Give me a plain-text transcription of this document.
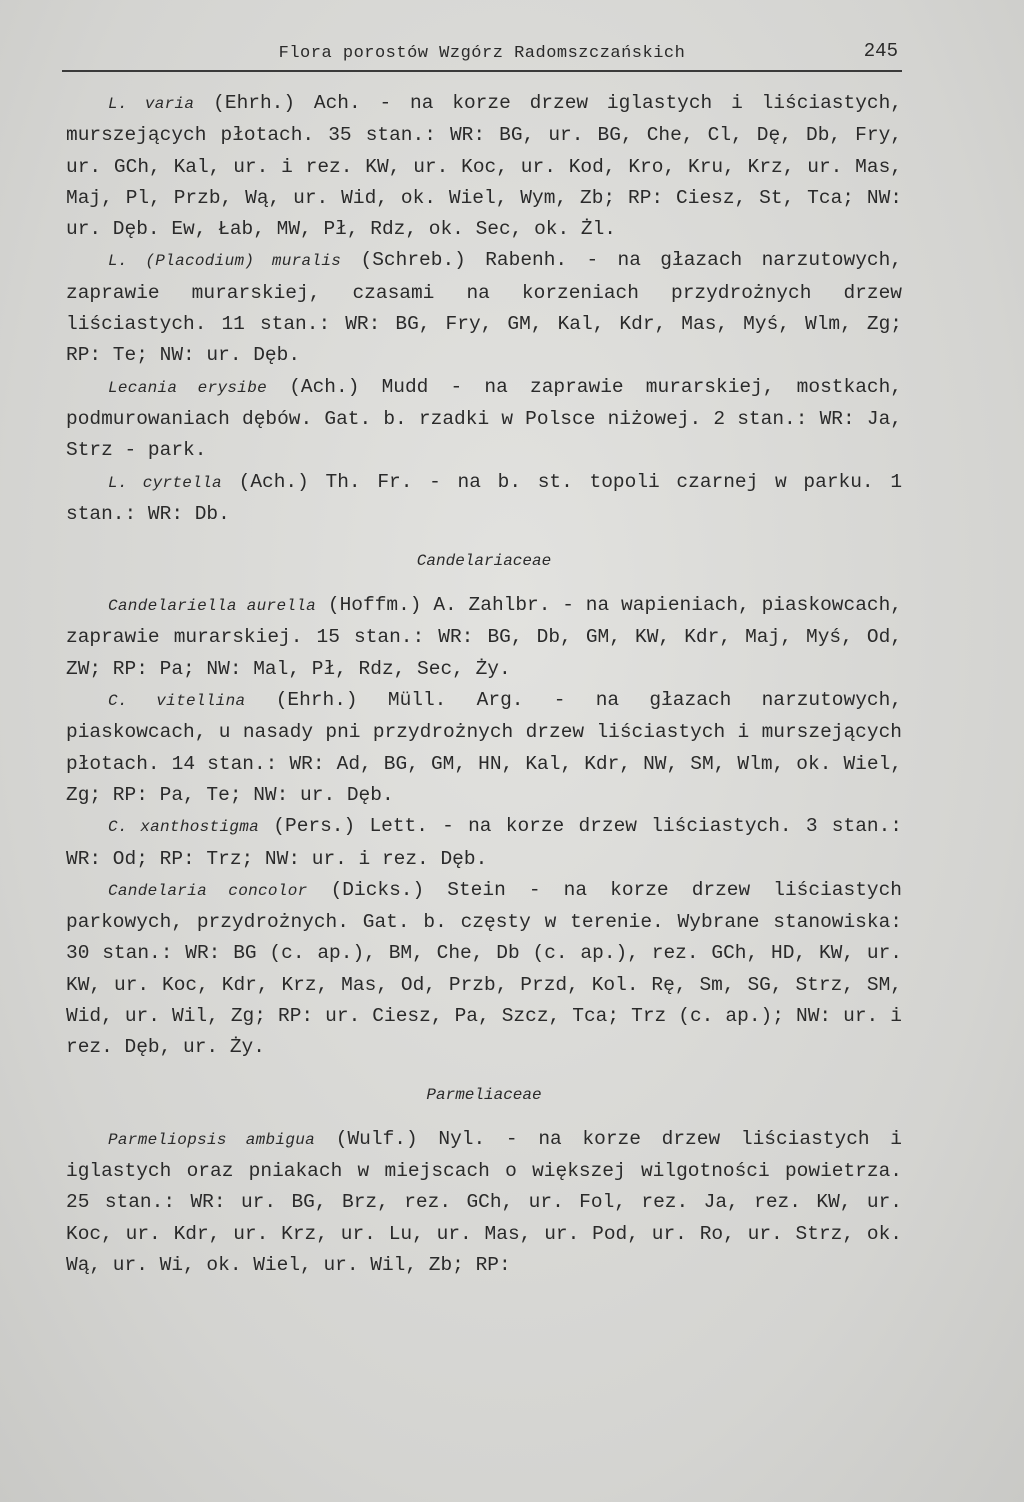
Flora porostów Wzgórz Radomszczańskich	245

L. varia (Ehrh.) Ach. - na korze drzew iglastych i liściastych, murszejących płotach. 35 stan.: WR: BG, ur. BG, Che, Cl, Dę, Db, Fry, ur. GCh, Kal, ur. i rez. KW, ur. Koc, ur. Kod, Kro, Kru, Krz, ur. Mas, Maj, Pl, Przb, Wą, ur. Wid, ok. Wiel, Wym, Zb; RP: Ciesz, St, Tca; NW: ur. Dęb. Ew, Łab, MW, Pł, Rdz, ok. Sec, ok. Żl.

L. (Placodium) muralis (Schreb.) Rabenh. - na głazach narzutowych, zaprawie murarskiej, czasami na korzeniach przydrożnych drzew liściastych. 11 stan.: WR: BG, Fry, GM, Kal, Kdr, Mas, Myś, Wlm, Zg; RP: Te; NW: ur. Dęb.

Lecania erysibe (Ach.) Mudd - na zaprawie murarskiej, mostkach, podmurowaniach dębów. Gat. b. rzadki w Polsce niżowej. 2 stan.: WR: Ja, Strz - park.

L. cyrtella (Ach.) Th. Fr. - na b. st. topoli czarnej w parku. 1 stan.: WR: Db.

Candelariaceae

Candelariella aurella (Hoffm.) A. Zahlbr. - na wapieniach, piaskowcach, zaprawie murarskiej. 15 stan.: WR: BG, Db, GM, KW, Kdr, Maj, Myś, Od, ZW; RP: Pa; NW: Mal, Pł, Rdz, Sec, Ży.

C. vitellina (Ehrh.) Müll. Arg. - na głazach narzutowych, piaskowcach, u nasady pni przydrożnych drzew liściastych i murszejących płotach. 14 stan.: WR: Ad, BG, GM, HN, Kal, Kdr, NW, SM, Wlm, ok. Wiel, Zg; RP: Pa, Te; NW: ur. Dęb.

C. xanthostigma (Pers.) Lett. - na korze drzew liściastych. 3 stan.: WR: Od; RP: Trz; NW: ur. i rez. Dęb.

Candelaria concolor (Dicks.) Stein - na korze drzew liściastych parkowych, przydrożnych. Gat. b. częsty w terenie. Wybrane stanowiska: 30 stan.: WR: BG (c. ap.), BM, Che, Db (c. ap.), rez. GCh, HD, KW, ur. KW, ur. Koc, Kdr, Krz, Mas, Od, Przb, Przd, Kol. Rę, Sm, SG, Strz, SM, Wid, ur. Wil, Zg; RP: ur. Ciesz, Pa, Szcz, Tca; Trz (c. ap.); NW: ur. i rez. Dęb, ur. Ży.

Parmeliaceae

Parmeliopsis ambigua (Wulf.) Nyl. - na korze drzew liściastych i iglastych oraz pniakach w miejscach o większej wilgotności powietrza. 25 stan.: WR: ur. BG, Brz, rez. GCh, ur. Fol, rez. Ja, rez. KW, ur. Koc, ur. Kdr, ur. Krz, ur. Lu, ur. Mas, ur. Pod, ur. Ro, ur. Strz, ok. Wą, ur. Wi, ok. Wiel, ur. Wil, Zb; RP:
